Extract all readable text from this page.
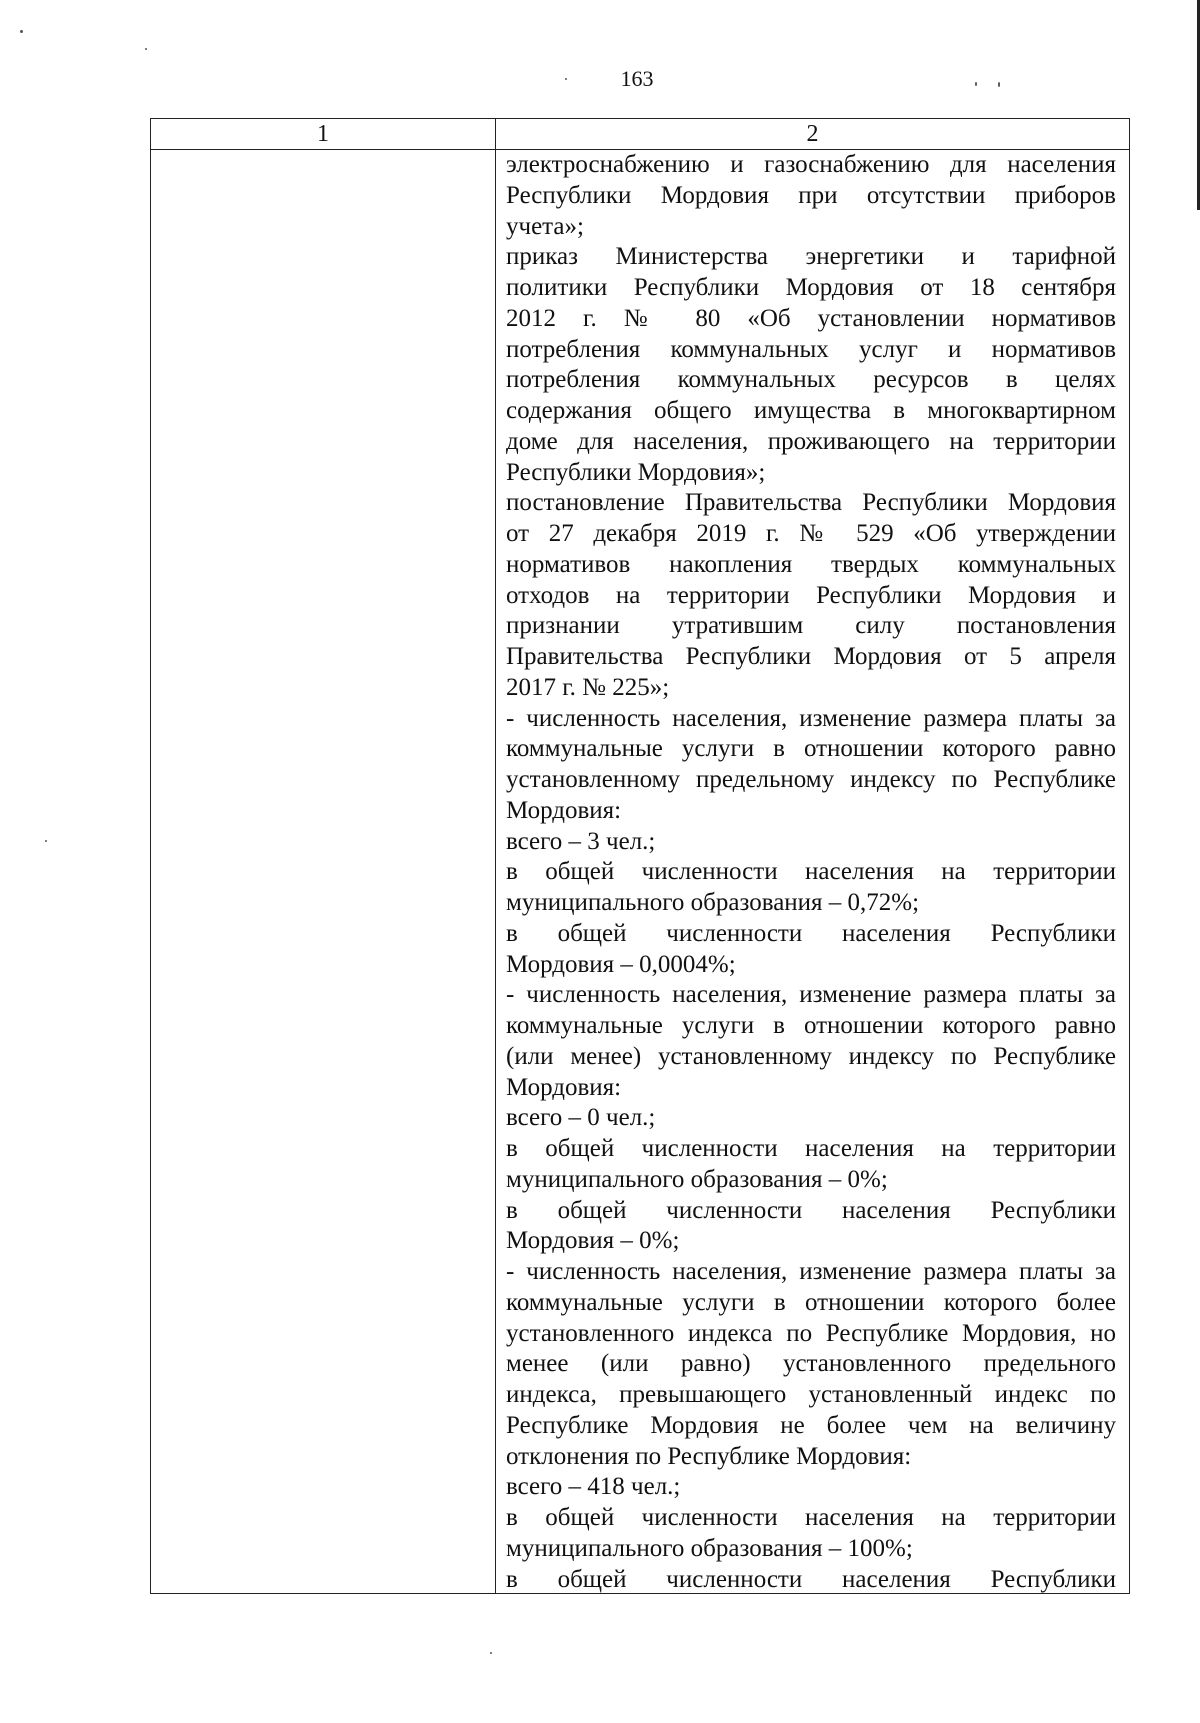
163
1	2
электроснабжению и газоснабжению для населения
Республики Мордовия при отсутствии приборов
учета»;
приказ Министерства энергетики и тарифной
политики Республики Мордовия от 18 сентября
2012 г. № 80 «Об установлении нормативов
потребления коммунальных услуг и нормативов
потребления коммунальных ресурсов в целях
содержания общего имущества в многоквартирном
доме для населения, проживающего на территории
Республики Мордовия»;
постановление Правительства Республики Мордовия
от 27 декабря 2019 г. № 529 «Об утверждении
нормативов накопления твердых коммунальных
отходов на территории Республики Мордовия и
признании утратившим силу постановления
Правительства Республики Мордовия от 5 апреля
2017 г. № 225»;
- численность населения, изменение размера платы за
коммунальные услуги в отношении которого равно
установленному предельному индексу по Республике
Мордовия:
всего – 3 чел.;
в общей численности населения на территории
муниципального образования – 0,72%;
в общей численности населения Республики
Мордовия – 0,0004%;
- численность населения, изменение размера платы за
коммунальные услуги в отношении которого равно
(или менее) установленному индексу по Республике
Мордовия:
всего – 0 чел.;
в общей численности населения на территории
муниципального образования – 0%;
в общей численности населения Республики
Мордовия – 0%;
- численность населения, изменение размера платы за
коммунальные услуги в отношении которого более
установленного индекса по Республике Мордовия, но
менее (или равно) установленного предельного
индекса, превышающего установленный индекс по
Республике Мордовия не более чем на величину
отклонения по Республике Мордовия:
всего – 418 чел.;
в общей численности населения на территории
муниципального образования – 100%;
в общей численности населения Республики
